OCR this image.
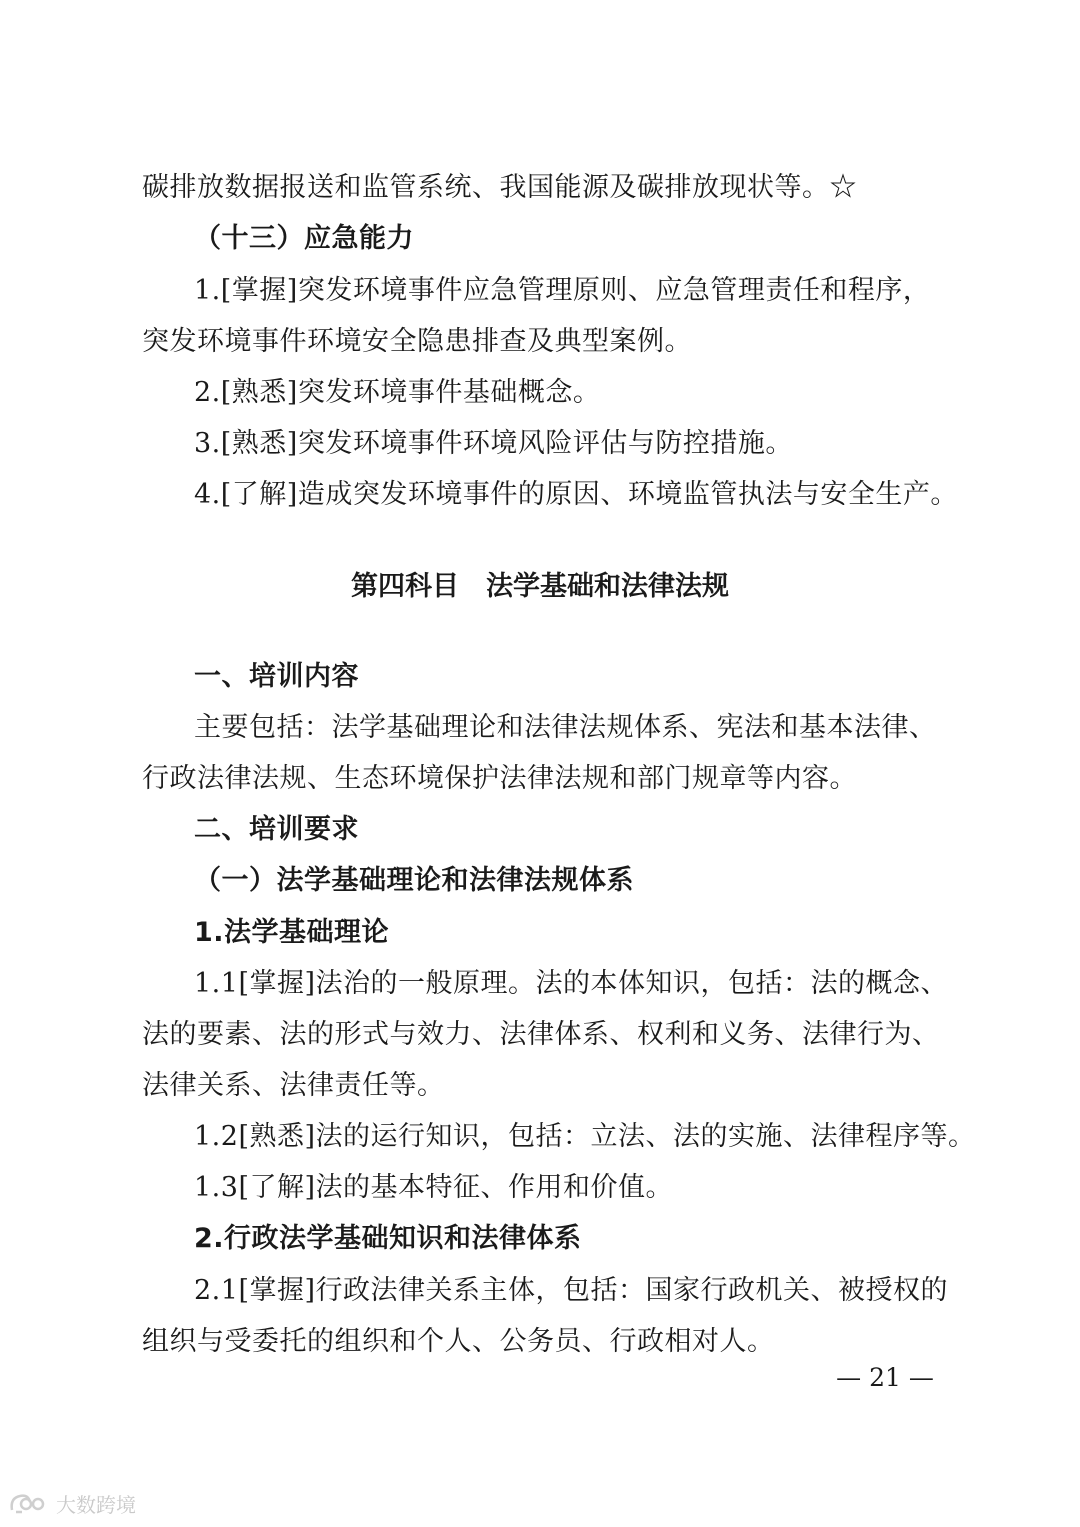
碳排放数据报送和监管系统、我国能源及碳排放现状等。☆
（十三）应急能力
1.[掌握]突发环境事件应急管理原则、应急管理责任和程序，
突发环境事件环境安全隐患排查及典型案例。
2.[熟悉]突发环境事件基础概念。
3.[熟悉]突发环境事件环境风险评估与防控措施。
4.[了解]造成突发环境事件的原因、环境监管执法与安全生产。
第四科目　法学基础和法律法规
一、培训内容
主要包括：法学基础理论和法律法规体系、宪法和基本法律、
行政法律法规、生态环境保护法律法规和部门规章等内容。
二、培训要求
（一）法学基础理论和法律法规体系
1.法学基础理论
1.1[掌握]法治的一般原理。法的本体知识，包括：法的概念、
法的要素、法的形式与效力、法律体系、权利和义务、法律行为、
法律关系、法律责任等。
1.2[熟悉]法的运行知识，包括：立法、法的实施、法律程序等。
1.3[了解]法的基本特征、作用和价值。
2.行政法学基础知识和法律体系
2.1[掌握]行政法律关系主体，包括：国家行政机关、被授权的
组织与受委托的组织和个人、公务员、行政相对人。
— 21 —
大数跨境
